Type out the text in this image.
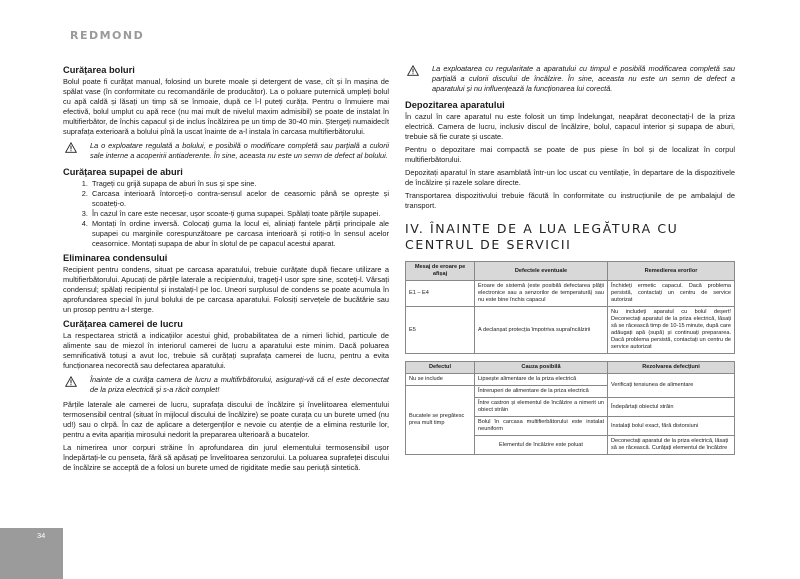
REDMOND
Curățarea boluri

Bolul poate fi curățat manual, folosind un burete moale și detergent de vase, cît și în mașina de spălat vase (în conformitate cu recomandările de producător). La o poluare puternică umpleți bolul cu apă caldă și lăsați un timp să se înmoaie, după ce î-l puteți curăța. Pentru o înmuiere mai efectivă, bolul umplut cu apă rece (nu mai mult de nivelul maxim admisibil) se poate de instalat în multifierbător, de închis capacul și de inclus încălzirea pe un timp de 30-40 min. Ștergeți numaidecît suprafața exterioară a bolului pînă la uscat înainte de a-l instala în carcasa multifierbătorului.

La o exploatare regulată a bolului, e posibilă o modificare completă sau parțială a culorii sale interne a acoperirii antiaderente. În sine, aceasta nu este un semn de defect al bolului.

Curățarea supapei de aburi
1. Trageți cu grijă supapa de aburi în sus și spe sine.
2. Carcasa interioară întorceți-o contra-sensul acelor de ceasornic până se oprește și scoateți-o.
3. În cazul în care este necesar, ușor scoate-ți guma supapei. Spălați toate părțile supapei.
4. Montați în ordine inversă. Colocați guma la locul ei, aliniați fantele părții principale ale supapei cu marginile corespunzătoare pe carcasa interioară și rotiți-o în sensul acelor ceasornice. Montați supapa de abur în slotul de pe capacul acestui aparat.
Eliminarea condensului

Recipient pentru condens, situat pe carcasa aparatului, trebuie curățate după fiecare utilizare a multifierbătorului. Apucați de părțile laterale a recipientului, trageți-l usor spre sine, scoteți-l. Vărsați condensul; spălați recipientul și instalați-l pe loc. Uneori surplusul de condens se poate acumula în aprofundarea special în jurul bolului de pe carcasa aparatului. Folosiți servețele de bucătărie sau un prosop pentru a-l sterge.

Curățarea camerei de lucru

La respectarea strictă a indicațiilor acestui ghid, probabilitatea de a nimeri lichid, particule de alimente sau de miezol în interiorul camerei de lucru a aparatului este minim. Dacă poluarea semnificativă totuși a avut loc, trebuie să curățați suprafața camerei de lucru, pentru a evita funcționarea necorectă sau defectarea aparatului.

Înainte de a curăța camera de lucru a multifirbătorului, asigurați-vă că el este deconectat de la priza electrică și s-a răcit complet!

Părțile laterale ale camerei de lucru, suprafața discului de încălzire și înveliitoarea elementului termosensibil central (situat în mijlocul discului de încălzire) se poate curața cu un burete umed (nu ud!) sau o clrpă. În caz de aplicare a detergenților e nevoie cu atenție de a elimina resturile lor, pentru a evita apariția mirosului nedorit la prepararea ulterioară a bucatelor.

La nimerirea unor corpuri străine în aprofundarea din jurul elementului termosensibil ușor îndepărtați-le cu penseta, fără să apăsați pe învelitoarea senzorului. La poluarea suprafeței discului de încălzire se acceptă de a folosi un burete umed de rigiditate medie sau periuță sintetică.

La exploatarea cu regularitate a aparatului cu timpul e posibilă modificarea completă sau parțială a culorii discului de încălzire. În sine, aceasta nu este un semn de defect a aparatului și nu influențează la funcționarea lui corectă.

Depozitarea aparatului

În cazul în care aparatul nu este folosit un timp îndelungat, neapărat deconectați-l de la priza electrică. Camera de lucru, inclusiv discul de încălzire, bolul, capacul interior și supapa de aburi, trebuie să fie curate și uscate.

Pentru o depozitare mai compactă se poate de pus piese în bol și de localizat în corpul multifierbătorului.

Depozitați aparatul în stare asamblată într-un loc uscat cu ventilație, în departare de la dispozitivele de încălzire și razele solare directe.

Transportarea dispozitivului trebuie făcută în conformitate cu instrucțiunile de pe ambalajul de transport.

IV. ÎNAINTE DE A LUA LEGĂTURA CU CENTRUL DE SERVICII
Mesaj de eroare pe afișaj	Defectele eventuale	Remedierea erorilor
E1 – E4	Eroare de sistemă (este posibilă defectarea plăţii electronice sau a senzorilor de temperatură) sau nu este bine închis capacul	Închideți ermetic capacul. Dacă problema persistă, contactați un centru de service autorizat
E5	A declanșat protecția împotriva supraîncălzirii	Nu includeți aparatul cu bolul deșert! Deconectați aparatul de la priza electrică, lăsați să se răcească timp de 10-15 minute, după care adăugați apă (supă) și continuați prepararea. Dacă problema persistă, contactați un centru de service autorizat
Defectul	Cauza posibilă	Rezolvarea defecțiuni
Nu se include	Lipsește alimentare de la priza electrică	Verificați tensiunea de alimentare
Bucatele se pregătesc prea mult timp	Întreruperi de alimentare de la priza electrică	
	Între castron și elementul de încălzire a nimerit un obiect străin	Îndepărtați obiectul străin
	Bolul în carcasa multifierbătorului este instalat neuniform	Instalați bolul exact, fără distorsiuni
	Elementul de încălzire este poluat	Deconectați aparatul de la priza electrică, lăsați să se răcească. Curățați elementul de încălzire
34
